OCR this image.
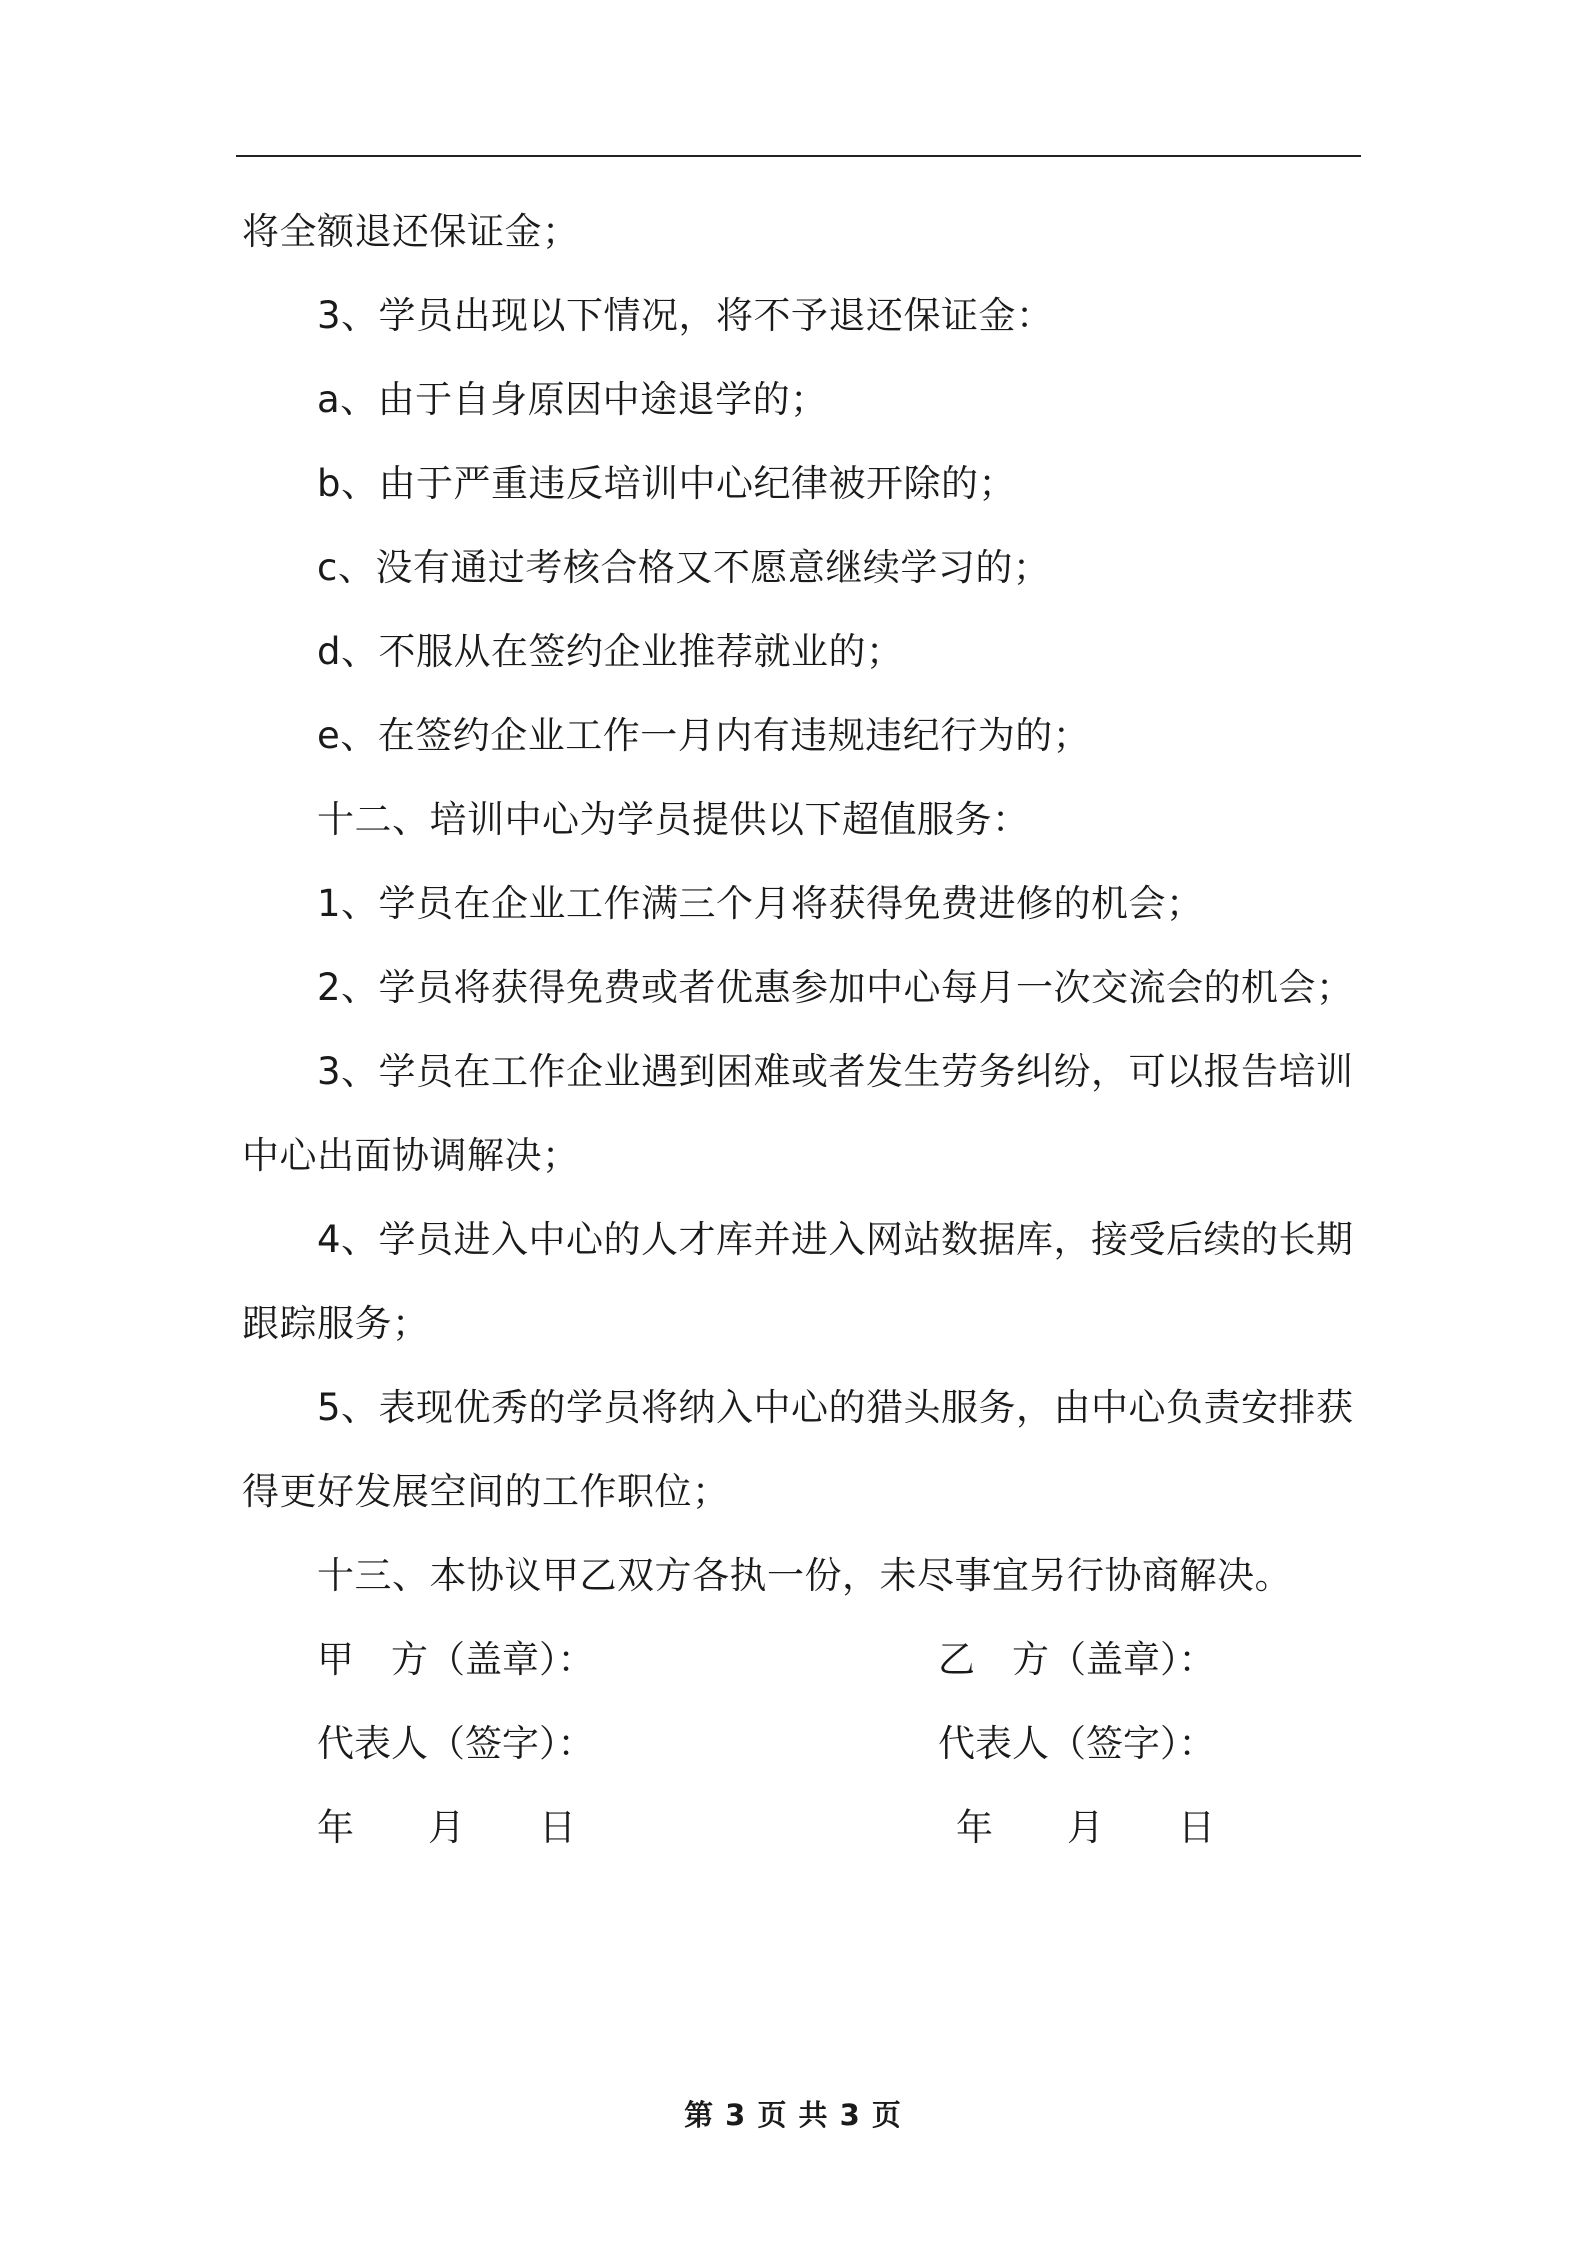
将全额退还保证金；
3、学员出现以下情况，将不予退还保证金：
a、由于自身原因中途退学的；
b、由于严重违反培训中心纪律被开除的；
c、没有通过考核合格又不愿意继续学习的；
d、不服从在签约企业推荐就业的；
e、在签约企业工作一月内有违规违纪行为的；
十二、培训中心为学员提供以下超值服务：
1、学员在企业工作满三个月将获得免费进修的机会；
2、学员将获得免费或者优惠参加中心每月一次交流会的机会；
3、学员在工作企业遇到困难或者发生劳务纠纷，可以报告培训
中心出面协调解决；
4、学员进入中心的人才库并进入网站数据库，接受后续的长期
跟踪服务；
5、表现优秀的学员将纳入中心的猎头服务，由中心负责安排获
得更好发展空间的工作职位；
十三、本协议甲乙双方各执一份，未尽事宜另行协商解决。
甲　方（盖章）：	乙　方（盖章）：
代表人（签字）：	代表人（签字）：
年　　月　　日	年　　月　　日
第 3 页 共 3 页
